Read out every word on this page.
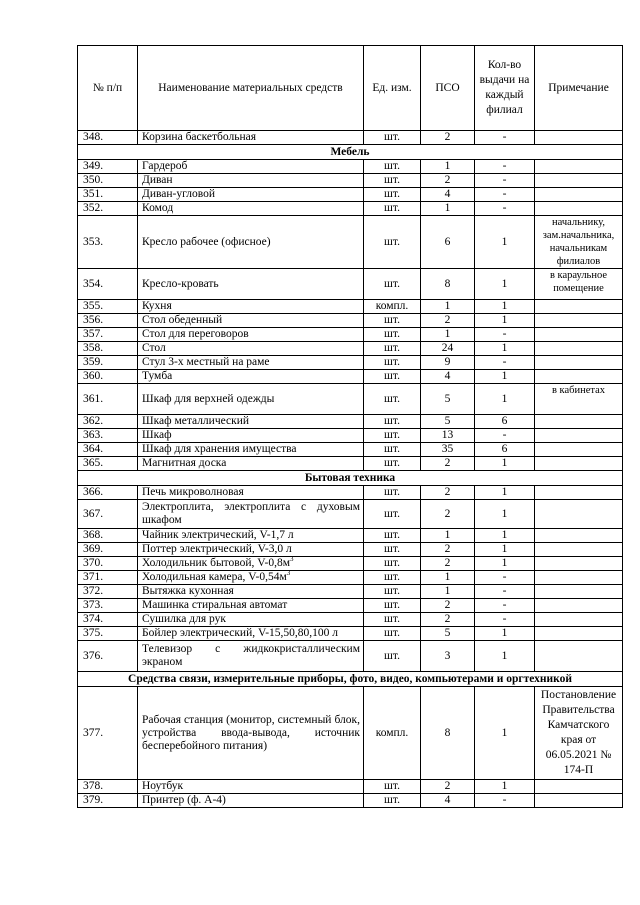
№ п/п	Наименование материальных средств	Ед. изм.	ПСО	Кол-во выдачи на каждый филиал	Примечание
348.	Корзина баскетбольная	шт.	2	-	
Мебель					
349.	Гардероб	шт.	1	-	
350.	Диван	шт.	2	-	
351.	Диван-угловой	шт.	4	-	
352.	Комод	шт.	1	-	
353.	Кресло рабочее (офисное)	шт.	6	1	начальнику, зам.начальника, начальникам филиалов
354.	Кресло-кровать	шт.	8	1	в караульное помещение
355.	Кухня	компл.	1	1	
356.	Стол обеденный	шт.	2	1	
357.	Стол для переговоров	шт.	1	-	
358.	Стол	шт.	24	1	
359.	Стул 3-х местный на раме	шт.	9	-	
360.	Тумба	шт.	4	1	
361.	Шкаф для верхней одежды	шт.	5	1	в кабинетах
362.	Шкаф металлический	шт.	5	6	
363.	Шкаф	шт.	13	-	
364.	Шкаф для хранения имущества	шт.	35	6	
365.	Магнитная доска	шт.	2	1	
Бытовая техника					
366.	Печь микроволновая	шт.	2	1	
367.	Электроплита, электроплита с духовым шкафом	шт.	2	1	
368.	Чайник электрический, V-1,7 л	шт.	1	1	
369.	Поттер электрический, V-3,0 л	шт.	2	1	
370.	Холодильник бытовой, $V-0,8м^3$	шт.	2	1	
371.	Холодильная камера, $V-0,54м^3$	шт.	1	-	
372.	Вытяжка кухонная	шт.	1	-	
373.	Машинка стиральная автомат	шт.	2	-	
374.	Сушилка для рук	шт.	2	-	
375.	Бойлер электрический, V-15,50,80,100 л	шт.	5	1	
376.	Телевизор с жидкокристаллическим экраном	шт.	3	1	
Средства связи, измерительные приборы, фото, видео, компьютерами и оргтехникой					
377.	Рабочая станция (монитор, системный блок, устройства ввода-вывода, источник бесперебойного питания)	компл.	8	1	Постановление Правительства Камчатского края от 06.05.2021 № 174-П
378.	Ноутбук	шт.	2	1	
379.	Принтер (ф. А-4)	шт.	4	-	
